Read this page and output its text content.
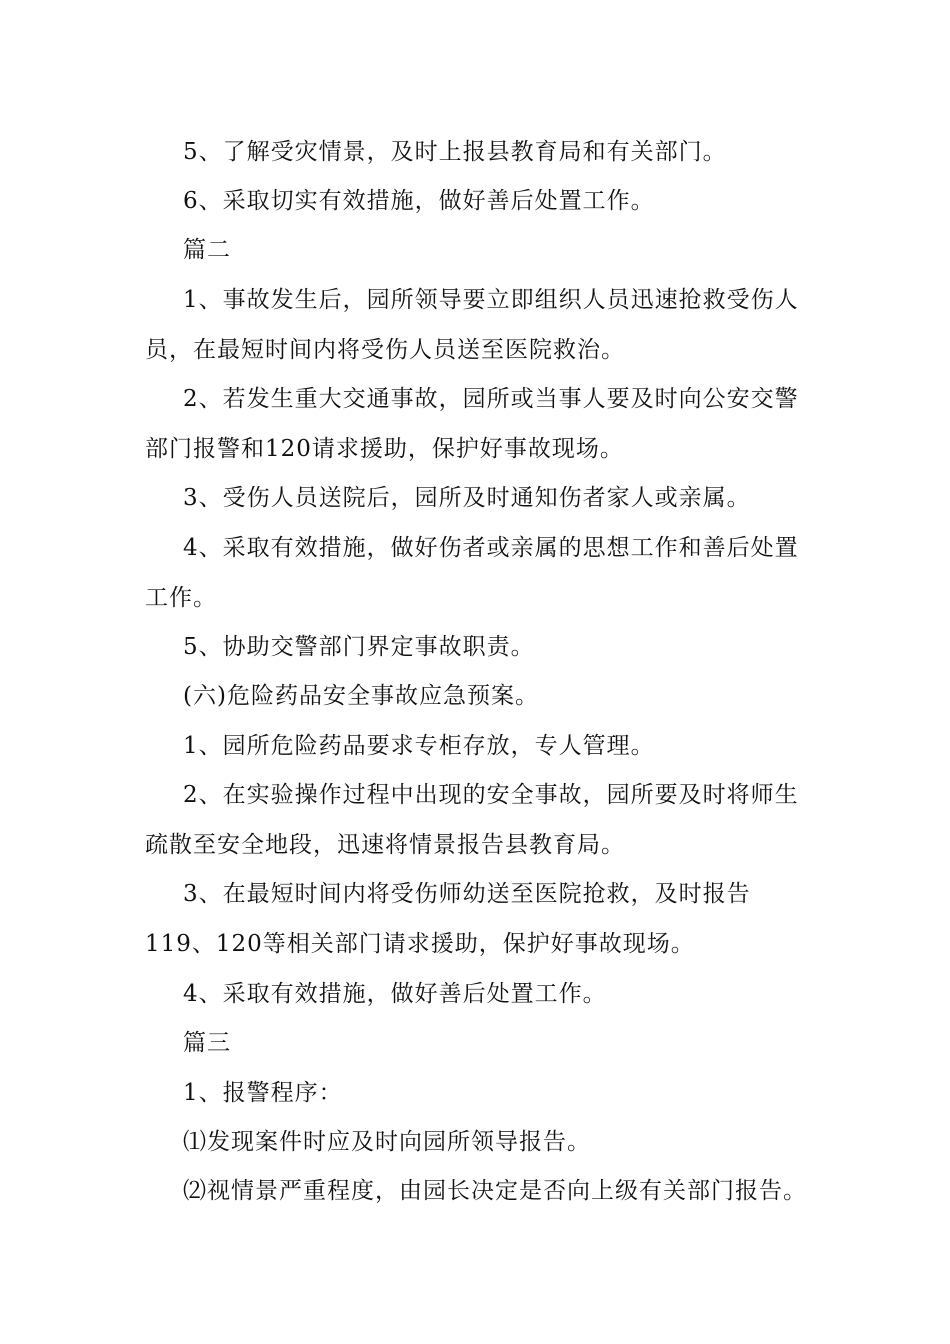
5、了解受灾情景，及时上报县教育局和有关部门。

6、采取切实有效措施，做好善后处置工作。

篇二

1、事故发生后，园所领导要立即组织人员迅速抢救受伤人员，在最短时间内将受伤人员送至医院救治。

2、若发生重大交通事故，园所或当事人要及时向公安交警部门报警和120请求援助，保护好事故现场。

3、受伤人员送院后，园所及时通知伤者家人或亲属。

4、采取有效措施，做好伤者或亲属的思想工作和善后处置工作。

5、协助交警部门界定事故职责。

(六)危险药品安全事故应急预案。

1、园所危险药品要求专柜存放，专人管理。

2、在实验操作过程中出现的安全事故，园所要及时将师生疏散至安全地段，迅速将情景报告县教育局。

3、在最短时间内将受伤师幼送至医院抢救，及时报告119、120等相关部门请求援助，保护好事故现场。

4、采取有效措施，做好善后处置工作。

篇三

1、报警程序：

⑴发现案件时应及时向园所领导报告。

⑵视情景严重程度，由园长决定是否向上级有关部门报告。
